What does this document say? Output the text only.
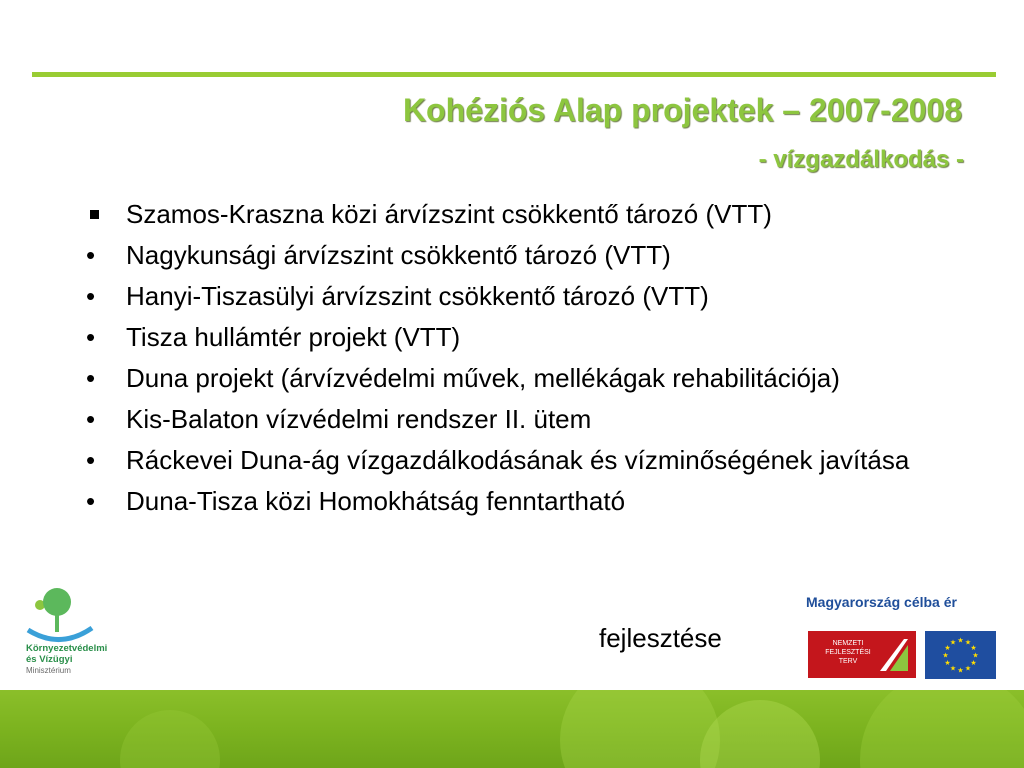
Kohéziós Alap projektek – 2007-2008
- vízgazdálkodás -
Szamos-Kraszna közi árvízszint csökkentő tározó (VTT)
•	Nagykunsági árvízszint csökkentő tározó (VTT)
•	Hanyi-Tiszasülyi árvízszint csökkentő tározó (VTT)
•	Tisza hullámtér projekt (VTT)
•	Duna projekt (árvízvédelmi művek, mellékágak rehabilitációja)
•	Kis-Balaton vízvédelmi rendszer II. ütem
•	Ráckevei Duna-ág vízgazdálkodásának és vízminőségének javítása
•	Duna-Tisza közi Homokhátság fenntartható
fejlesztése
Környezetvédelmi
és Vízügyi
Minisztérium
Magyarország célba ér
NEMZETI
FEJLESZTÉSI
TERV
★
★
★
★
★
★
★
★
★ ★ ★
★
